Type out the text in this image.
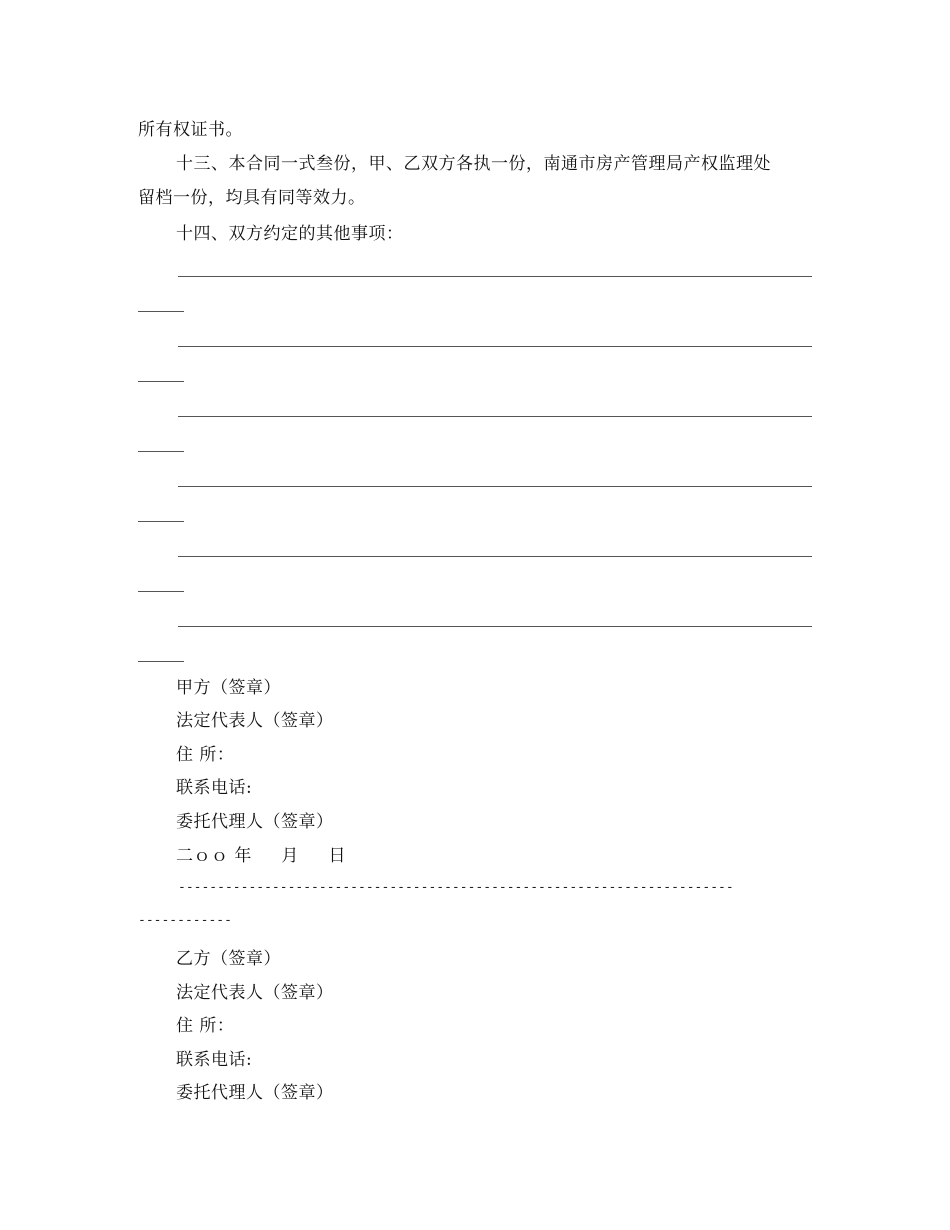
所有权证书。
十三、本合同一式叁份，甲、乙双方各执一份，南通市房产管理局产权监理处
留档一份，均具有同等效力。
十四、双方约定的其他事项：
甲方（签章）
法定代表人（签章）
住 所：
联系电话:
委托代理人（签章）
二ｏｏ 年     月     日
-----------------------------------------------------------------------
------------
乙方（签章）
法定代表人（签章）
住 所：
联系电话:
委托代理人（签章）
